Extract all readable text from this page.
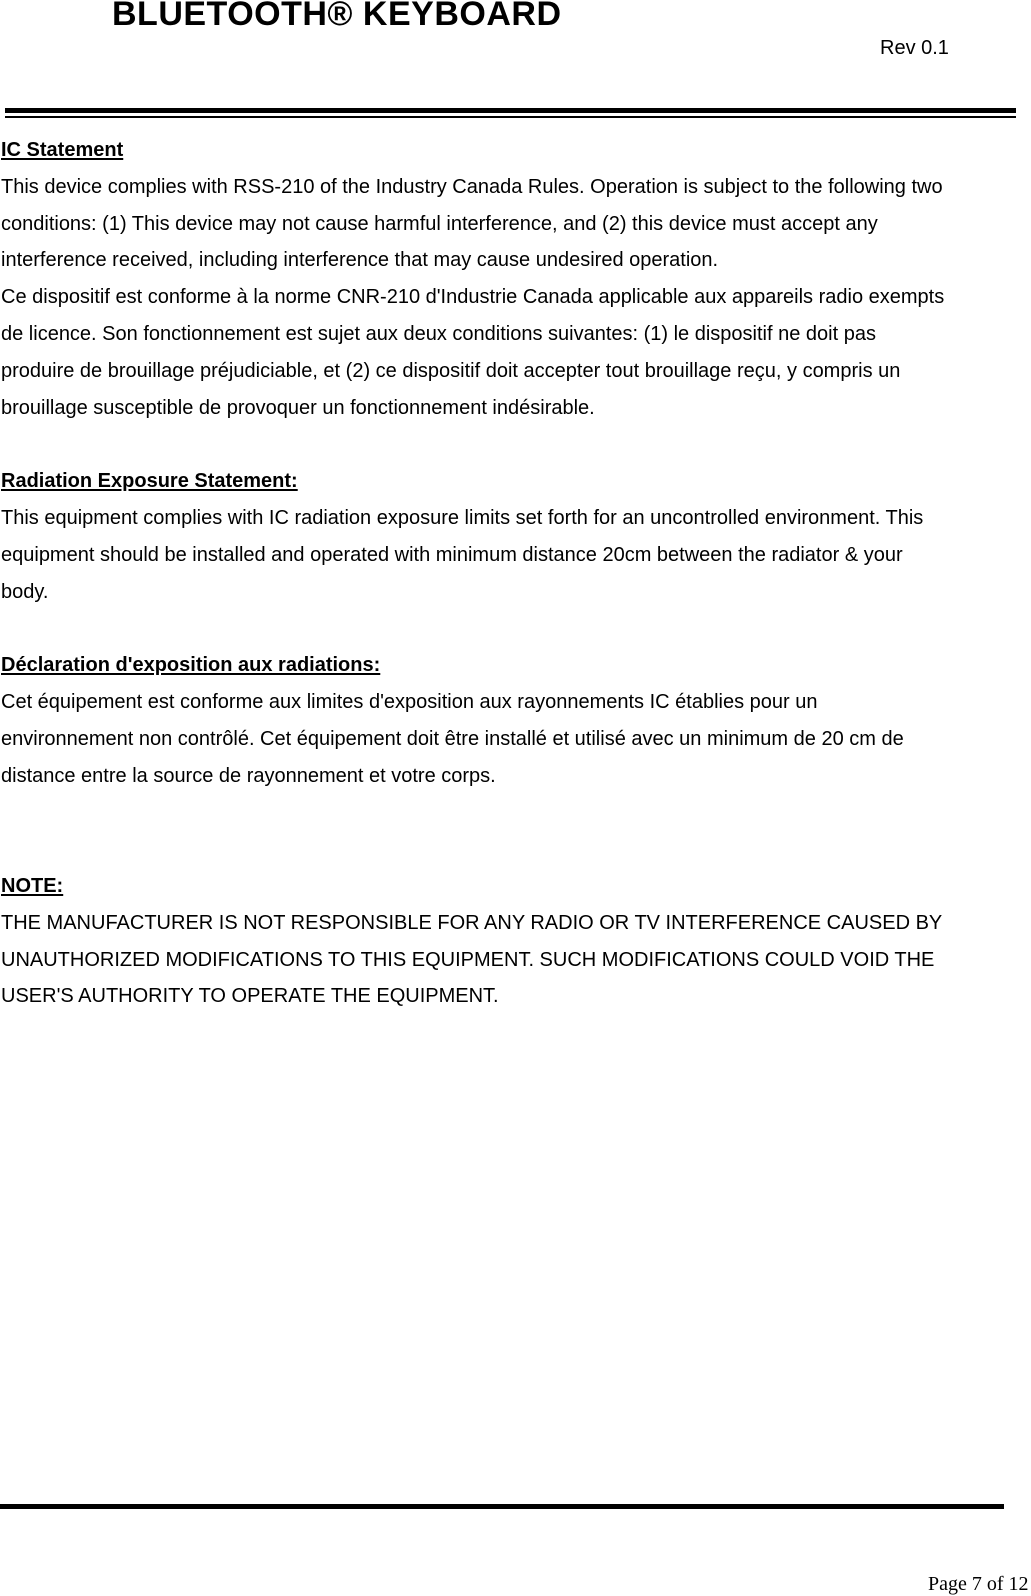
BLUETOOTH® KEYBOARD
Rev 0.1

IC Statement

This device complies with RSS-210 of the Industry Canada Rules. Operation is subject to the following two

conditions: (1) This device may not cause harmful interference, and (2) this device must accept any

interference received, including interference that may cause undesired operation.

Ce dispositif est conforme à la norme CNR-210 d'Industrie Canada applicable aux appareils radio exempts

de licence. Son fonctionnement est sujet aux deux conditions suivantes: (1) le dispositif ne doit pas

produire de brouillage préjudiciable, et (2) ce dispositif doit accepter tout brouillage reçu, y compris un

brouillage susceptible de provoquer un fonctionnement indésirable.

Radiation Exposure Statement:

This equipment complies with IC radiation exposure limits set forth for an uncontrolled environment. This

equipment should be installed and operated with minimum distance 20cm between the radiator & your

body.

Déclaration d'exposition aux radiations:

Cet équipement est conforme aux limites d'exposition aux rayonnements IC établies pour un

environnement non contrôlé. Cet équipement doit être installé et utilisé avec un minimum de 20 cm de

distance entre la source de rayonnement et votre corps.

NOTE:

THE MANUFACTURER IS NOT RESPONSIBLE FOR ANY RADIO OR TV INTERFERENCE CAUSED BY

UNAUTHORIZED MODIFICATIONS TO THIS EQUIPMENT. SUCH MODIFICATIONS COULD VOID THE

USER'S AUTHORITY TO OPERATE THE EQUIPMENT.

Page 7 of 12
